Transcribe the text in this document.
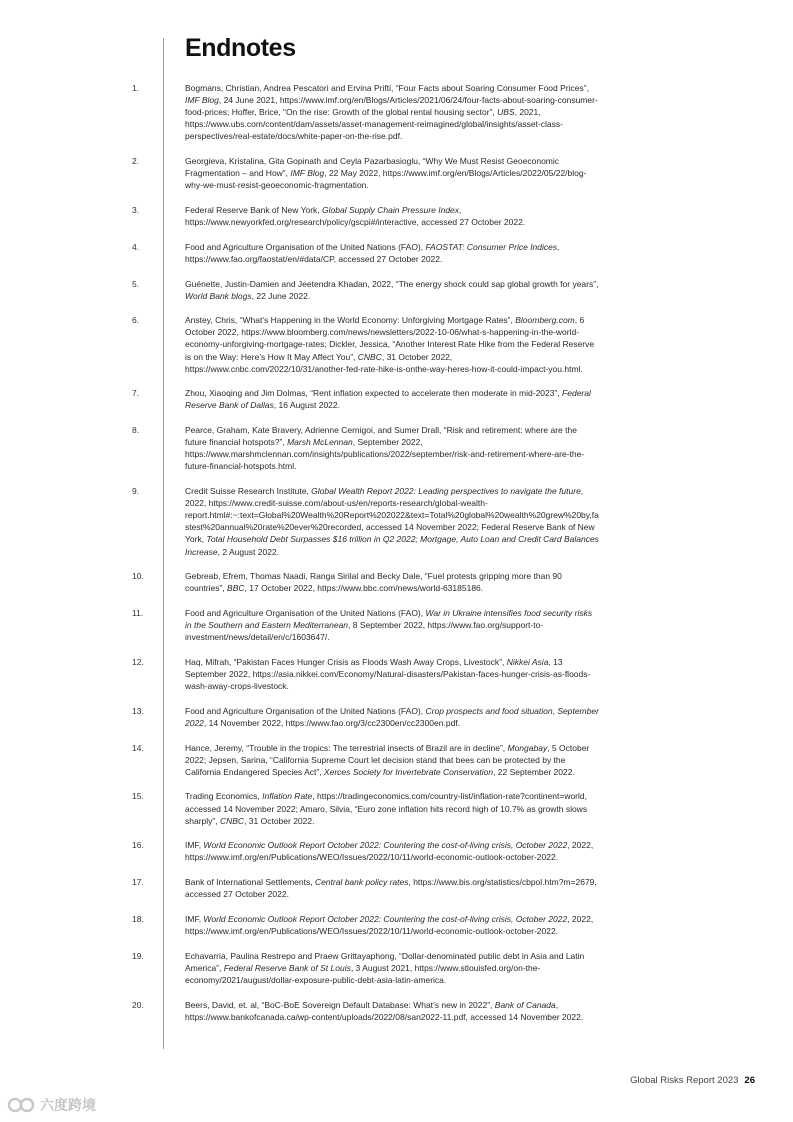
Endnotes
1.	Bogmans, Christian, Andrea Pescatori and Ervina Prifti, “Four Facts about Soaring Consumer Food Prices”, IMF Blog, 24 June 2021, https://www.imf.org/en/Blogs/Articles/2021/06/24/four-facts-about-soaring-consumer-food-prices; Hoffer, Brice, “On the rise: Growth of the global rental housing sector”, UBS, 2021, https://www.ubs.com/content/dam/assets/asset-management-reimagined/global/insights/asset-class-perspectives/real-estate/docs/white-paper-on-the-rise.pdf.
2.	Georgieva, Kristalina, Gita Gopinath and Ceyla Pazarbasioglu, “Why We Must Resist Geoeconomic Fragmentation – and How”, IMF Blog, 22 May 2022, https://www.imf.org/en/Blogs/Articles/2022/05/22/blog-why-we-must-resist-geoeconomic-fragmentation.
3.	Federal Reserve Bank of New York, Global Supply Chain Pressure Index, https://www.newyorkfed.org/research/policy/gscpi#/interactive, accessed 27 October 2022.
4.	Food and Agriculture Organisation of the United Nations (FAO), FAOSTAT: Consumer Price Indices, https://www.fao.org/faostat/en/#data/CP, accessed 27 October 2022.
5.	Guénette, Justin-Damien and Jeetendra Khadan, 2022, “The energy shock could sap global growth for years”, World Bank blogs, 22 June 2022.
6.	Anstey, Chris, “What’s Happening in the World Economy: Unforgiving Mortgage Rates”, Bloomberg.com, 6 October 2022, https://www.bloomberg.com/news/newsletters/2022-10-06/what-s-happening-in-the-world-economy-unforgiving-mortgage-rates; Dickler, Jessica, “Another Interest Rate Hike from the Federal Reserve is on the Way: Here’s How It May Affect You”, CNBC, 31 October 2022, https://www.cnbc.com/2022/10/31/another-fed-rate-hike-is-onthe-way-heres-how-it-could-impact-you.html.
7.	Zhou, Xiaoqing and Jim Dolmas, “Rent inflation expected to accelerate then moderate in mid-2023”, Federal Reserve Bank of Dallas, 16 August 2022.
8.	Pearce, Graham, Kate Bravery, Adrienne Cernigoi, and Sumer Drall, “Risk and retirement: where are the future financial hotspots?”, Marsh McLennan, September 2022, https://www.marshmclennan.com/insights/publications/2022/september/risk-and-retirement-where-are-the-future-financial-hotspots.html.
9.	Credit Suisse Research Institute, Global Wealth Report 2022: Leading perspectives to navigate the future, 2022, https://www.credit-suisse.com/about-us/en/reports-research/global-wealth-report.html#:~:text=Global%20Wealth%20Report%202022&text=Total%20global%20wealth%20grew%20by,fastest%20annual%20rate%20ever%20recorded, accessed 14 November 2022; Federal Reserve Bank of New York, Total Household Debt Surpasses $16 trillion in Q2 2022; Mortgage, Auto Loan and Credit Card Balances Increase, 2 August 2022.
10.	Gebreab, Efrem, Thomas Naadi, Ranga Sirilal and Becky Dale, “Fuel protests gripping more than 90 countries”, BBC, 17 October 2022, https://www.bbc.com/news/world-63185186.
11.	Food and Agriculture Organisation of the United Nations (FAO), War in Ukraine intensifies food security risks in the Southern and Eastern Mediterranean, 8 September 2022, https://www.fao.org/support-to-investment/news/detail/en/c/1603647/.
12.	Haq, Mifrah, “Pakistan Faces Hunger Crisis as Floods Wash Away Crops, Livestock”, Nikkei Asia, 13 September 2022, https://asia.nikkei.com/Economy/Natural-disasters/Pakistan-faces-hunger-crisis-as-floods-wash-away-crops-livestock.
13.	Food and Agriculture Organisation of the United Nations (FAO), Crop prospects and food situation, September 2022, 14 November 2022, https://www.fao.org/3/cc2300en/cc2300en.pdf.
14.	Hance, Jeremy, “Trouble in the tropics: The terrestrial insects of Brazil are in decline”, Mongabay, 5 October 2022; Jepsen, Sarina, “California Supreme Court let decision stand that bees can be protected by the California Endangered Species Act”, Xerces Society for Invertebrate Conservation, 22 September 2022.
15.	Trading Economics, Inflation Rate, https://tradingeconomics.com/country-list/inflation-rate?continent=world, accessed 14 November 2022; Amaro, Silvia, “Euro zone inflation hits record high of 10.7% as growth slows sharply”, CNBC, 31 October 2022.
16.	IMF, World Economic Outlook Report October 2022: Countering the cost-of-living crisis, October 2022, 2022, https://www.imf.org/en/Publications/WEO/Issues/2022/10/11/world-economic-outlook-october-2022.
17.	Bank of International Settlements, Central bank policy rates, https://www.bis.org/statistics/cbpol.htm?m=2679, accessed 27 October 2022.
18.	IMF, World Economic Outlook Report October 2022: Countering the cost-of-living crisis, October 2022, 2022, https://www.imf.org/en/Publications/WEO/Issues/2022/10/11/world-economic-outlook-october-2022.
19.	Echavarria, Paulina Restrepo and Praew Grittayaphong, “Dollar-denominated public debt in Asia and Latin America”, Federal Reserve Bank of St Louis, 3 August 2021, https://www.stlouisfed.org/on-the-economy/2021/august/dollar-exposure-public-debt-asia-latin-america.
20.	Beers, David, et. al, “BoC-BoE Sovereign Default Database: What’s new in 2022”, Bank of Canada, https://www.bankofcanada.ca/wp-content/uploads/2022/08/san2022-11.pdf, accessed 14 November 2022.
Global Risks Report 2023 26
六度跨境
